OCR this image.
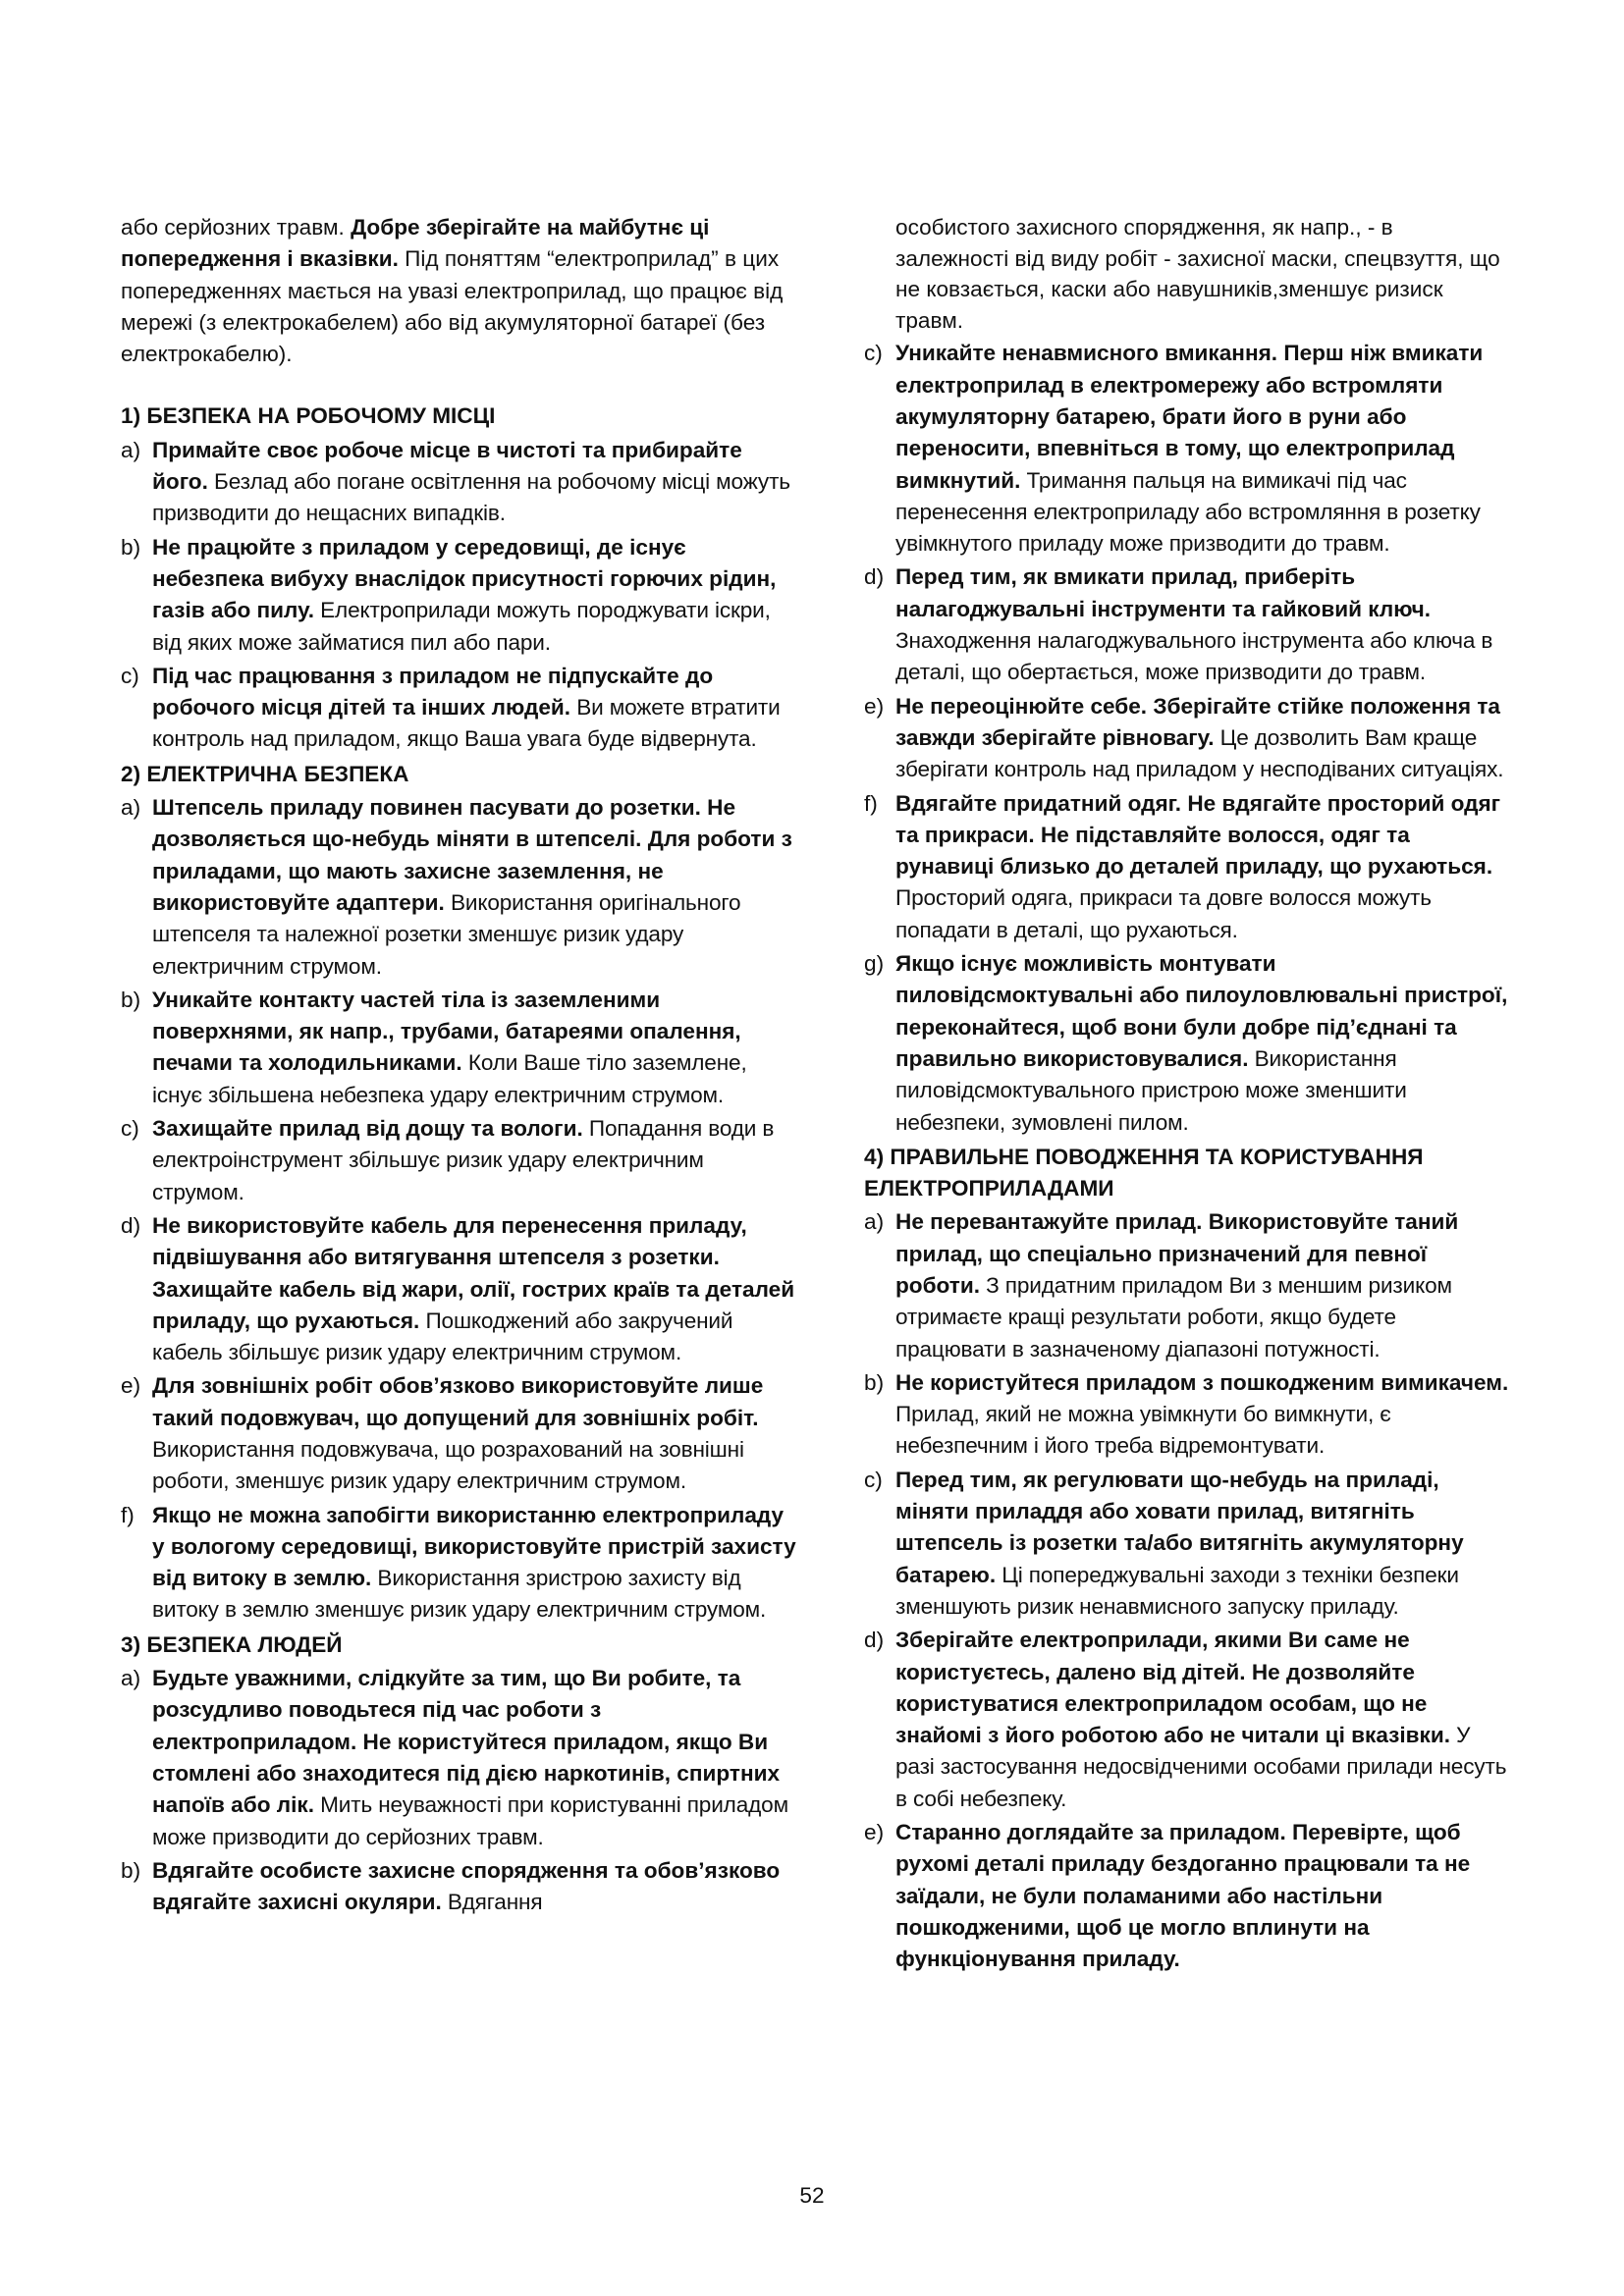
або серйозних травм. Добре зберігайте на майбутнє ці попередження і вказівки. Під поняттям “електроприлад” в цих попередженнях мається на увазі електроприлад, що працює від мережі (з електрокабелем) або від акумуляторної батареї (без електрокабелю).

1) БЕЗПЕКА НА РОБОЧОМУ МІСЦІ

a) Примайте своє робоче місце в чистоті та прибирайте його. Безлад або погане освітлення на робочому місці можуть призводити до нещасних випадків.
b) Не працюйте з приладом у середовищі, де існує небезпека вибуху внаслідок присутності горючих рідин, газів або пилу. Електроприлади можуть породжувати іскри, від яких може займатися пил або пари.
c) Під час працювання з приладом не підпускайте до робочого місця дітей та інших людей. Ви можете втратити контроль над приладом, якщо Ваша увага буде відвернута.

2) ЕЛЕКТРИЧНА БЕЗПЕКА

a) Штепсель приладу повинен пасувати до розетки. Не дозволяється що-небудь міняти в штепселі. Для роботи з приладами, що мають захисне заземлення, не використовуйте адаптери. Використання оригінального штепселя та належної розетки зменшує ризик удару електричним струмом.
b) Уникайте контакту частей тіла із заземленими поверхнями, як напр., трубами, батареями опалення, печами та холодильниками. Коли Ваше тіло заземлене, існує збільшена небезпека удару електричним струмом.
c) Захищайте прилад від дощу та вологи. Попадання води в електроінструмент збільшує ризик удару електричним струмом.
d) Не використовуйте кабель для перенесення приладу, підвішування або витягування штепселя з розетки. Захищайте кабель від жари, олії, гострих країв та деталей приладу, що рухаються. Пошкоджений або закручений кабель збільшує ризик удару електричним струмом.
e) Для зовнішніх робіт обов’язково використовуйте лише такий подовжувач, що допущений для зовнішніх робіт. Використання подовжувача, що розрахований на зовнішні роботи, зменшує ризик удару електричним струмом.
f) Якщо не можна запобігти використанню електроприладу у вологому середовищі, використовуйте пристрій захисту від витоку в землю. Використання зристрою захисту від витоку в землю зменшує ризик удару електричним струмом.

3) БЕЗПЕКА ЛЮДЕЙ

a) Будьте уважними, слідкуйте за тим, що Ви робите, та розсудливо поводьтеся під час роботи з електроприладом. Не користуйтеся приладом, якщо Ви стомлені або знаходитеся під дією наркотинів, спиртних напоїв або лік. Мить неуважності при користуванні приладом може призводити до серйозних травм.
b) Вдягайте особисте захисне спорядження та обов’язково вдягайте захисні окуляри. Вдягання

особистого захисного спорядження, як напр., - в залежності від виду робіт - захисної маски, спецвзуття, що не ковзається, каски або навушників,зменшує ризиск травм.

c) Уникайте ненавмисного вмикання. Перш ніж вмикати електроприлад в електромережу або встромляти акумуляторну батарею, брати його в руни або переносити, впевніться в тому, що електроприлад вимкнутий. Тримання пальця на вимикачі під час перенесення електроприладу або встромляння в розетку увімкнутого приладу може призводити до травм.
d) Перед тим, як вмикати прилад, приберіть налагоджувальні інструменти та гайковий ключ. Знаходження налагоджувального інструмента або ключа в деталі, що обертається, може призводити до травм.
e) Не переоцінюйте себе. Зберігайте стійке положення та завжди зберігайте рівновагу. Це дозволить Вам краще зберігати контроль над приладом у несподіваних ситуаціях.
f) Вдягайте придатний одяг. Не вдягайте просторий одяг та прикраси. Не підставляйте волосся, одяг та рунавиці близько до деталей приладу, що рухаються. Просторий одяга, прикраси та довге волосся можуть попадати в деталі, що рухаються.
g) Якщо існує можливість монтувати пиловідсмоктувальні або пилоуловлювальні пристрої, переконайтеся, щоб вони були добре під’єднані та правильно використовувалися. Використання пиловідсмоктувального пристрою може зменшити небезпеки, зумовлені пилом.

4) ПРАВИЛЬНЕ ПОВОДЖЕННЯ ТА КОРИСТУВАННЯ ЕЛЕКТРОПРИЛАДАМИ

a) Не перевантажуйте прилад. Використовуйте таний прилад, що спеціально призначений для певної роботи. З придатним приладом Ви з меншим ризиком отримаєте кращі результати роботи, якщо будете працювати в зазначеному діапазоні потужності.
b) Не користуйтеся приладом з пошкодженим вимикачем. Прилад, який не можна увімкнути бо вимкнути, є небезпечним і його треба відремонтувати.
c) Перед тим, як регулювати що-небудь на приладі, міняти приладдя або ховати прилад, витягніть штепсель із розетки та/або витягніть акумуляторну батарею. Ці попереджувальні заходи з техніки безпеки зменшують ризик ненавмисного запуску приладу.
d) Зберігайте електроприлади, якими Ви саме не користуєтесь, далено від дітей. Не дозволяйте користуватися електроприладом особам, що не знайомі з його роботою або не читали ці вказівки. У разі застосування недосвідченими особами прилади несуть в собі небезпеку.
e) Старанно доглядайте за приладом. Перевірте, щоб рухомі деталі приладу бездоганно працювали та не заїдали, не були поламаними або настільни пошкодженими, щоб це могло вплинути на функціонування приладу.
52
